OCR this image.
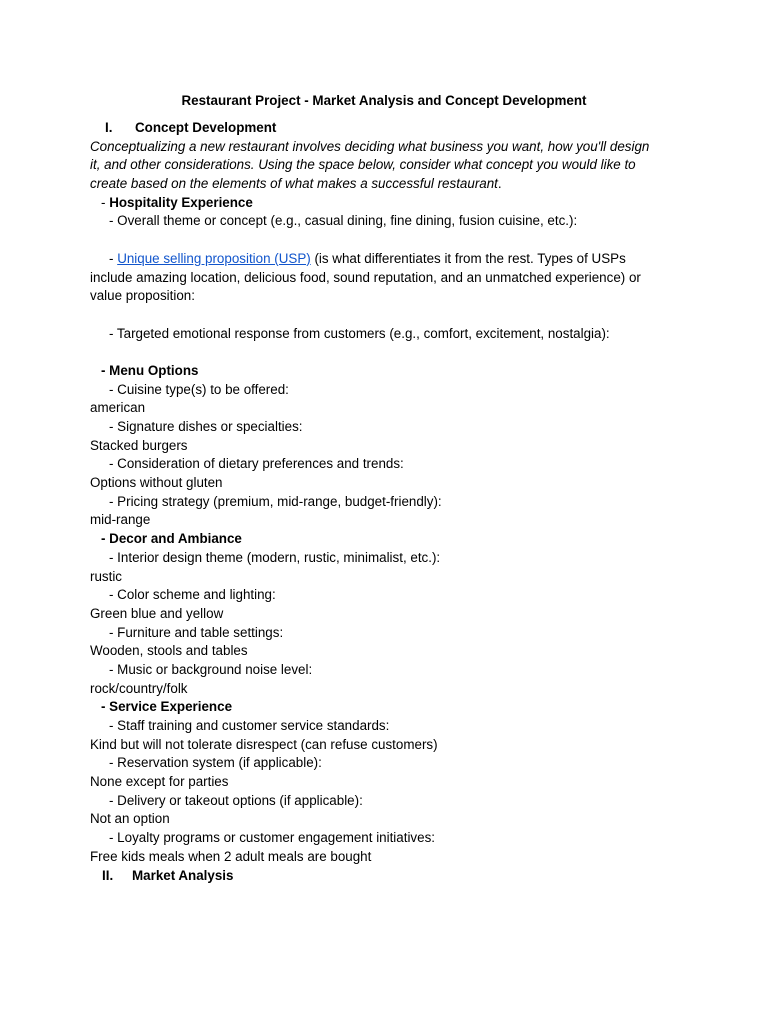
Restaurant Project - Market Analysis and Concept Development
I.	Concept Development
Conceptualizing a new restaurant involves deciding what business you want, how you'll design
it, and other considerations. Using the space below, consider what concept you would like to
create based on the elements of what makes a successful restaurant.
- Hospitality Experience
- Overall theme or concept (e.g., casual dining, fine dining, fusion cuisine, etc.):
- Unique selling proposition (USP) (is what differentiates it from the rest. Types of USPs
include amazing location, delicious food, sound reputation, and an unmatched experience) or
value proposition:
- Targeted emotional response from customers (e.g., comfort, excitement, nostalgia):
- Menu Options
- Cuisine type(s) to be offered:
american
- Signature dishes or specialties:
Stacked burgers
- Consideration of dietary preferences and trends:
Options without gluten
- Pricing strategy (premium, mid-range, budget-friendly):
mid-range
- Decor and Ambiance
- Interior design theme (modern, rustic, minimalist, etc.):
rustic
- Color scheme and lighting:
Green blue and yellow
- Furniture and table settings:
Wooden, stools and tables
- Music or background noise level:
rock/country/folk
- Service Experience
- Staff training and customer service standards:
Kind but will not tolerate disrespect (can refuse customers)
- Reservation system (if applicable):
None except for parties
- Delivery or takeout options (if applicable):
Not an option
- Loyalty programs or customer engagement initiatives:
Free kids meals when 2 adult meals are bought
II.	Market Analysis
